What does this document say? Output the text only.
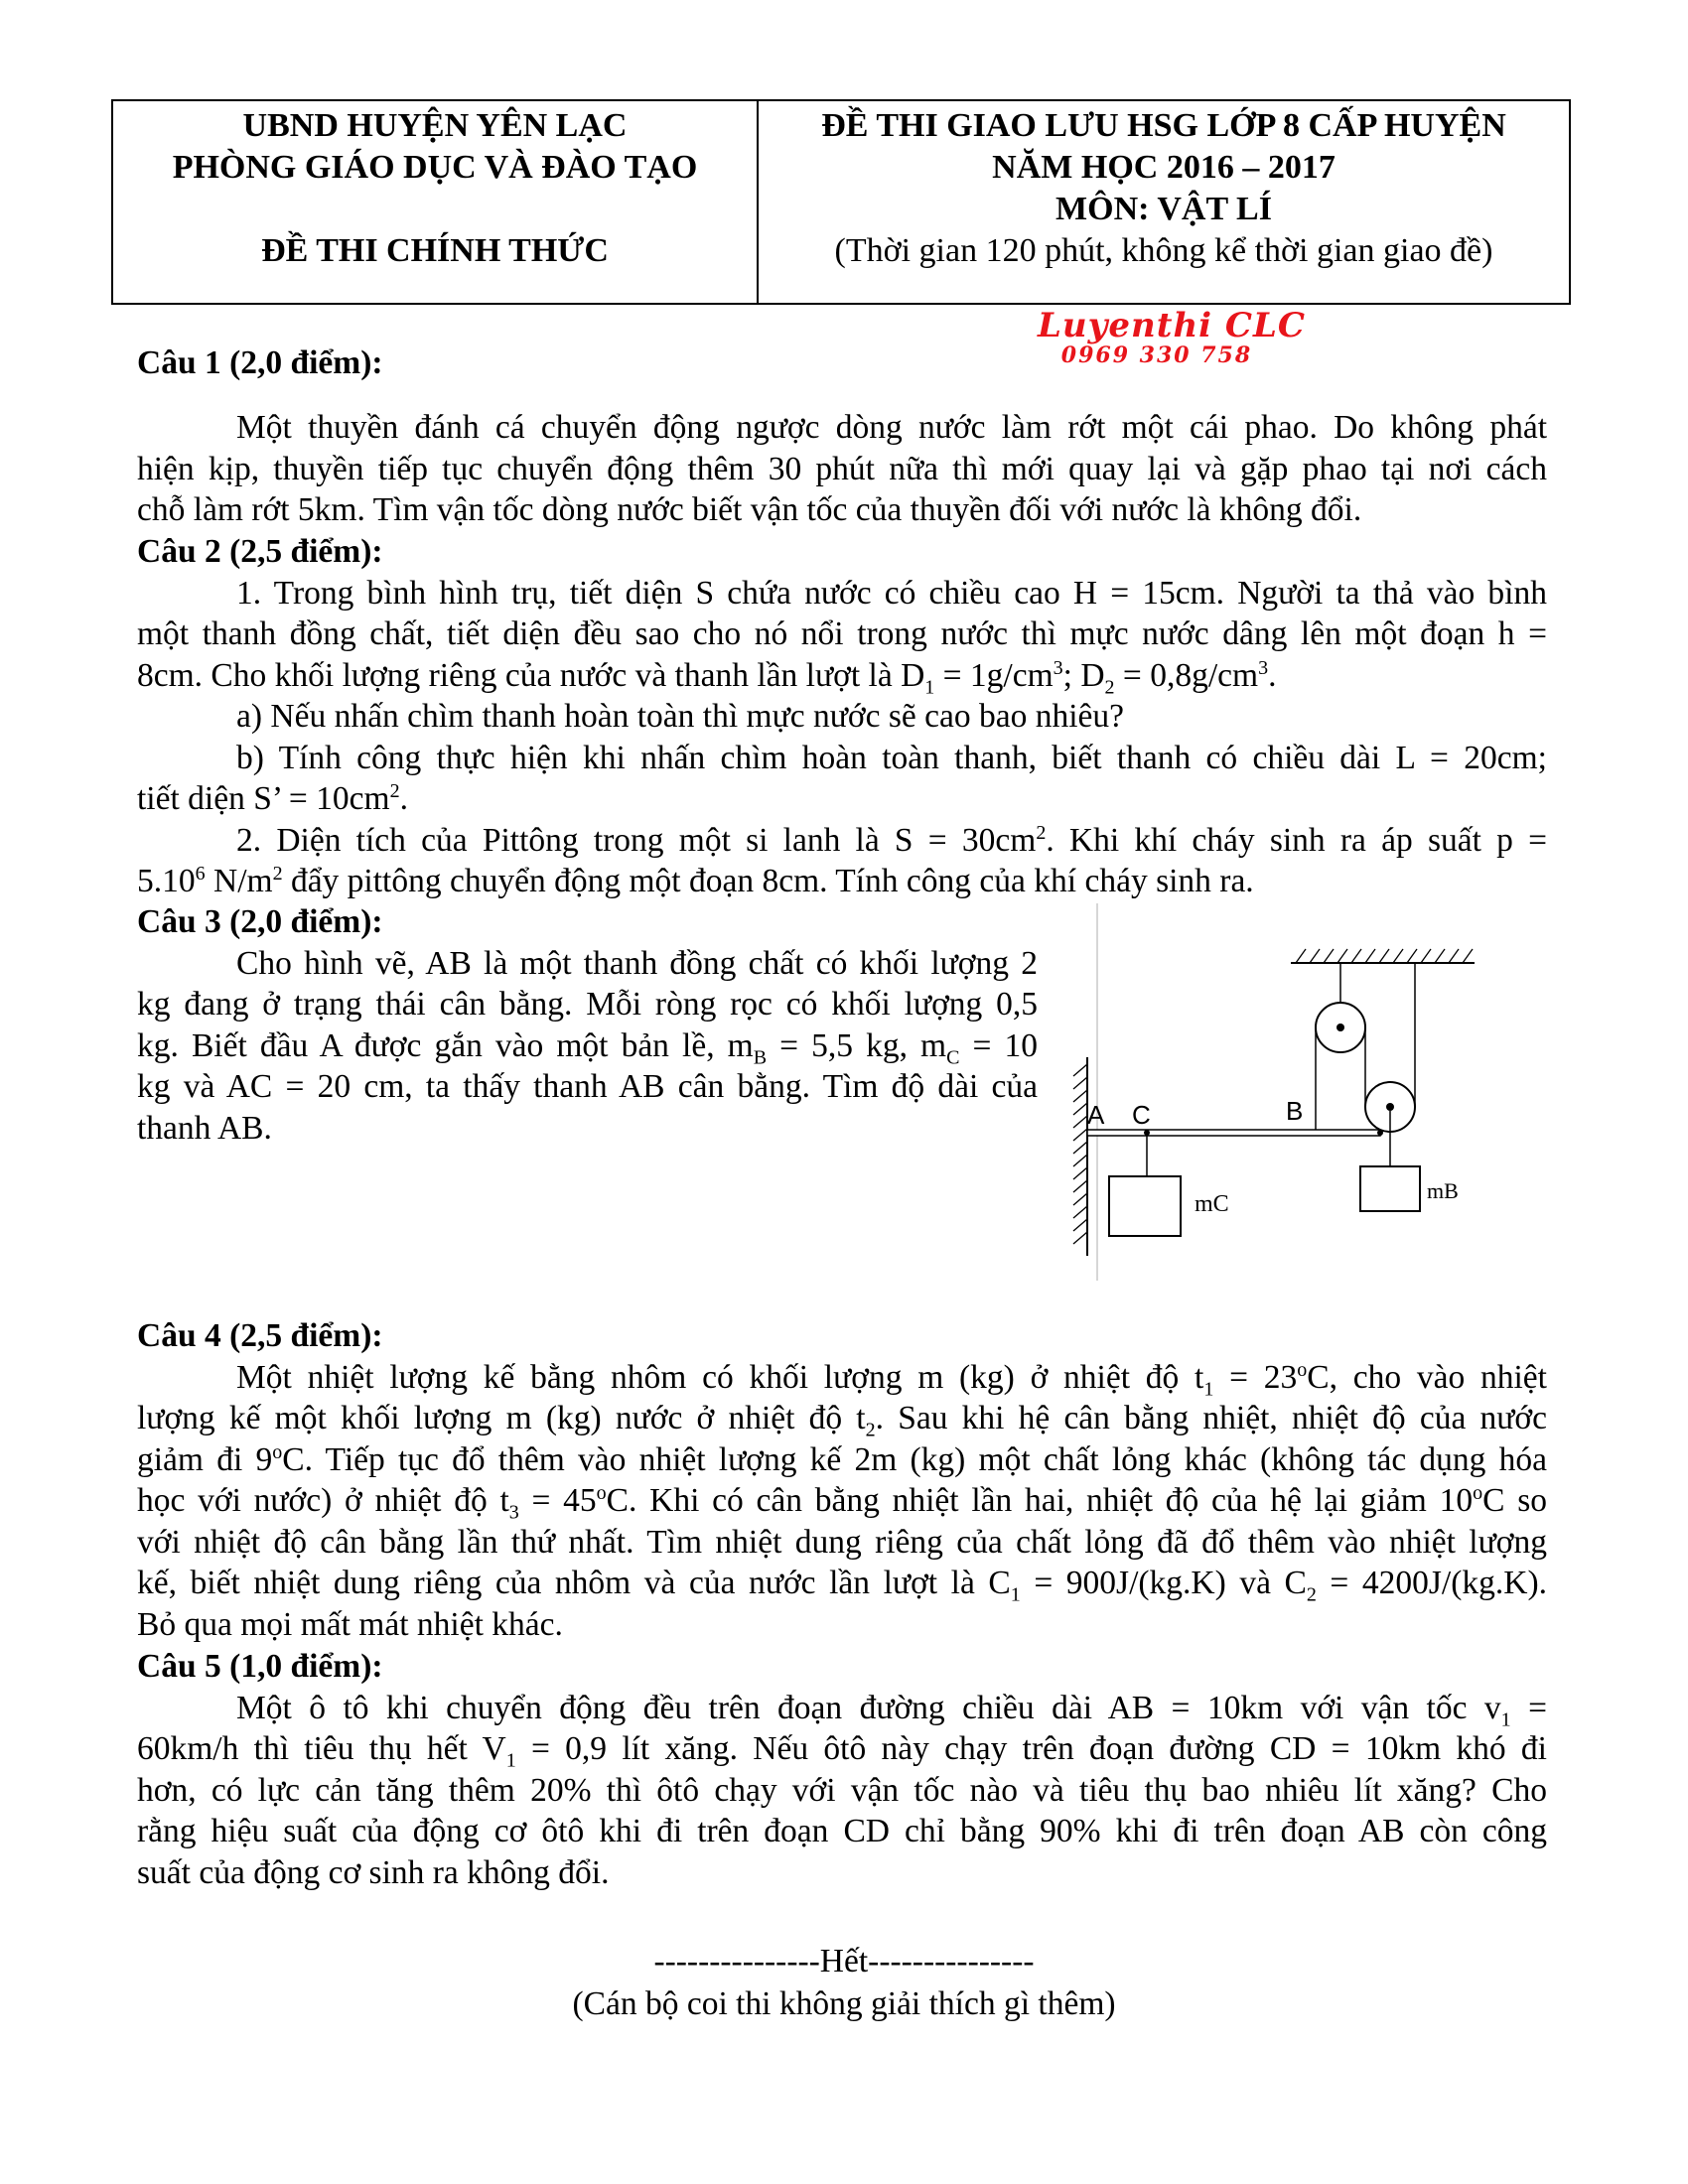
UBND HUYỆN YÊN LẠC
PHÒNG GIÁO DỤC VÀ ĐÀO TẠO
ĐỀ THI CHÍNH THỨC
ĐỀ THI GIAO LƯU HSG LỚP 8 CẤP HUYỆN
NĂM HỌC 2016 – 2017
MÔN: VẬT LÍ
(Thời gian 120 phút, không kể thời gian giao đề)
Luyenthi CLC
0969 330 758
Câu 1 (2,0 điểm):
Một thuyền đánh cá chuyển động ngược dòng nước làm rớt một cái phao. Do không phát
hiện kịp, thuyền tiếp tục chuyển động thêm 30 phút nữa thì mới quay lại và gặp phao tại nơi cách
chỗ làm rớt 5km. Tìm vận tốc dòng nước biết vận tốc của thuyền đối với nước là không đổi.
Câu 2 (2,5 điểm):
1. Trong bình hình trụ, tiết diện S chứa nước có chiều cao H = 15cm. Người ta thả vào bình
một thanh đồng chất, tiết diện đều sao cho nó nổi trong nước thì mực nước dâng lên một đoạn h =
8cm. Cho khối lượng riêng của nước và thanh lần lượt là $D_1 = 1g/cm^3$; $D_2 = 0,8g/cm^3$.
a) Nếu nhấn chìm thanh hoàn toàn thì mực nước sẽ cao bao nhiêu?
b) Tính công thực hiện khi nhấn chìm hoàn toàn thanh, biết thanh có chiều dài L = 20cm;
tiết diện S’ = $10cm^2$.
2. Diện tích của Pittông trong một si lanh là $S = 30cm^2$. Khi khí cháy sinh ra áp suất p =
$5.10^6$ $N/m^2$ đẩy pittông chuyển động một đoạn 8cm. Tính công của khí cháy sinh ra.
Câu 3 (2,0 điểm):
Cho hình vẽ, AB là một thanh đồng chất có khối lượng 2
kg đang ở trạng thái cân bằng. Mỗi ròng rọc có khối lượng 0,5
kg. Biết đầu A được gắn vào một bản lề, $m_B = 5,5$ kg, $m_C = 10$
kg và AC = 20 cm, ta thấy thanh AB cân bằng. Tìm độ dài của
thanh AB.	A C	B
mC
mB
Câu 4 (2,5 điểm):
Một nhiệt lượng kế bằng nhôm có khối lượng m (kg) ở nhiệt độ $t_1 = 23^oC$, cho vào nhiệt
lượng kế một khối lượng m (kg) nước ở nhiệt độ $t_2$. Sau khi hệ cân bằng nhiệt, nhiệt độ của nước
giảm đi 9$^o$C. Tiếp tục đổ thêm vào nhiệt lượng kế 2m (kg) một chất lỏng khác (không tác dụng hóa
học với nước) ở nhiệt độ $t_3 = 45^oC$. Khi có cân bằng nhiệt lần hai, nhiệt độ của hệ lại giảm 10$^o$C so
với nhiệt độ cân bằng lần thứ nhất. Tìm nhiệt dung riêng của chất lỏng đã đổ thêm vào nhiệt lượng
kế, biết nhiệt dung riêng của nhôm và của nước lần lượt là $C_1 = 900J/(kg.K)$ và $C_2 = 4200J/(kg.K)$.
Bỏ qua mọi mất mát nhiệt khác.
Câu 5 (1,0 điểm):
Một ô tô khi chuyển động đều trên đoạn đường chiều dài AB = 10km với vận tốc $v_1$ =
60km/h thì tiêu thụ hết $V_1 = 0,9$ lít xăng. Nếu ôtô này chạy trên đoạn đường CD = 10km khó đi
hơn, có lực cản tăng thêm 20% thì ôtô chạy với vận tốc nào và tiêu thụ bao nhiêu lít xăng? Cho
rằng hiệu suất của động cơ ôtô khi đi trên đoạn CD chỉ bằng 90% khi đi trên đoạn AB còn công
suất của động cơ sinh ra không đổi.
---------------Hết---------------
(Cán bộ coi thi không giải thích gì thêm)
